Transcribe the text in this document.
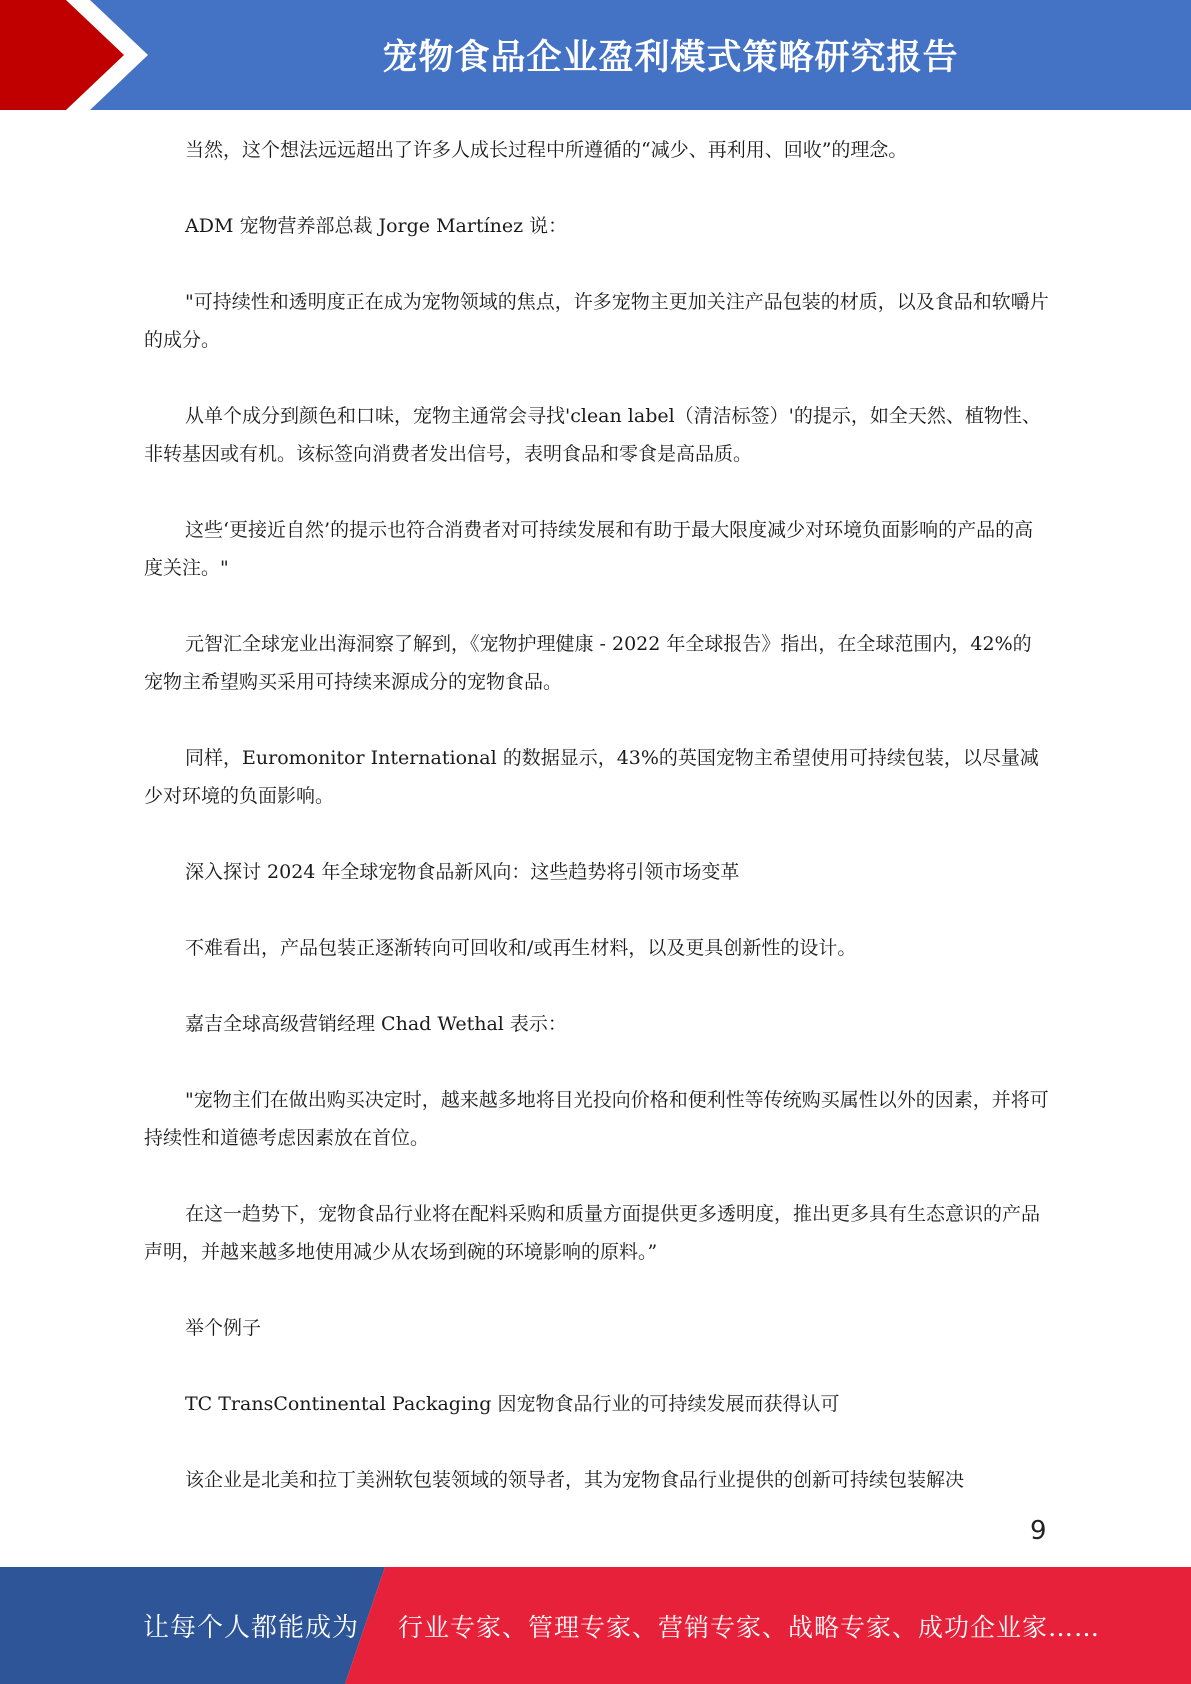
宠物食品企业盈利模式策略研究报告

当然，这个想法远远超出了许多人成长过程中所遵循的“减少、再利用、回收”的理念。

ADM 宠物营养部总裁 Jorge Martínez 说：

"可持续性和透明度正在成为宠物领域的焦点，许多宠物主更加关注产品包装的材质，以及食品和软嚼片的成分。

从单个成分到颜色和口味，宠物主通常会寻找'clean label（清洁标签）'的提示，如全天然、植物性、非转基因或有机。该标签向消费者发出信号，表明食品和零食是高品质。

这些‘更接近自然’的提示也符合消费者对可持续发展和有助于最大限度减少对环境负面影响的产品的高度关注。"

元智汇全球宠业出海洞察了解到，《宠物护理健康 - 2022 年全球报告》指出，在全球范围内，42%的宠物主希望购买采用可持续来源成分的宠物食品。

同样，Euromonitor International 的数据显示，43%的英国宠物主希望使用可持续包装，以尽量减少对环境的负面影响。

深入探讨 2024 年全球宠物食品新风向：这些趋势将引领市场变革

不难看出，产品包装正逐渐转向可回收和/或再生材料，以及更具创新性的设计。

嘉吉全球高级营销经理 Chad Wethal 表示：

"宠物主们在做出购买决定时，越来越多地将目光投向价格和便利性等传统购买属性以外的因素，并将可持续性和道德考虑因素放在首位。

在这一趋势下，宠物食品行业将在配料采购和质量方面提供更多透明度，推出更多具有生态意识的产品声明，并越来越多地使用减少从农场到碗的环境影响的原料。”

举个例子

TC TransContinental Packaging 因宠物食品行业的可持续发展而获得认可

该企业是北美和拉丁美洲软包装领域的领导者，其为宠物食品行业提供的创新可持续包装解决

9
让每个人都能成为 行业专家、管理专家、营销专家、战略专家、成功企业家……
